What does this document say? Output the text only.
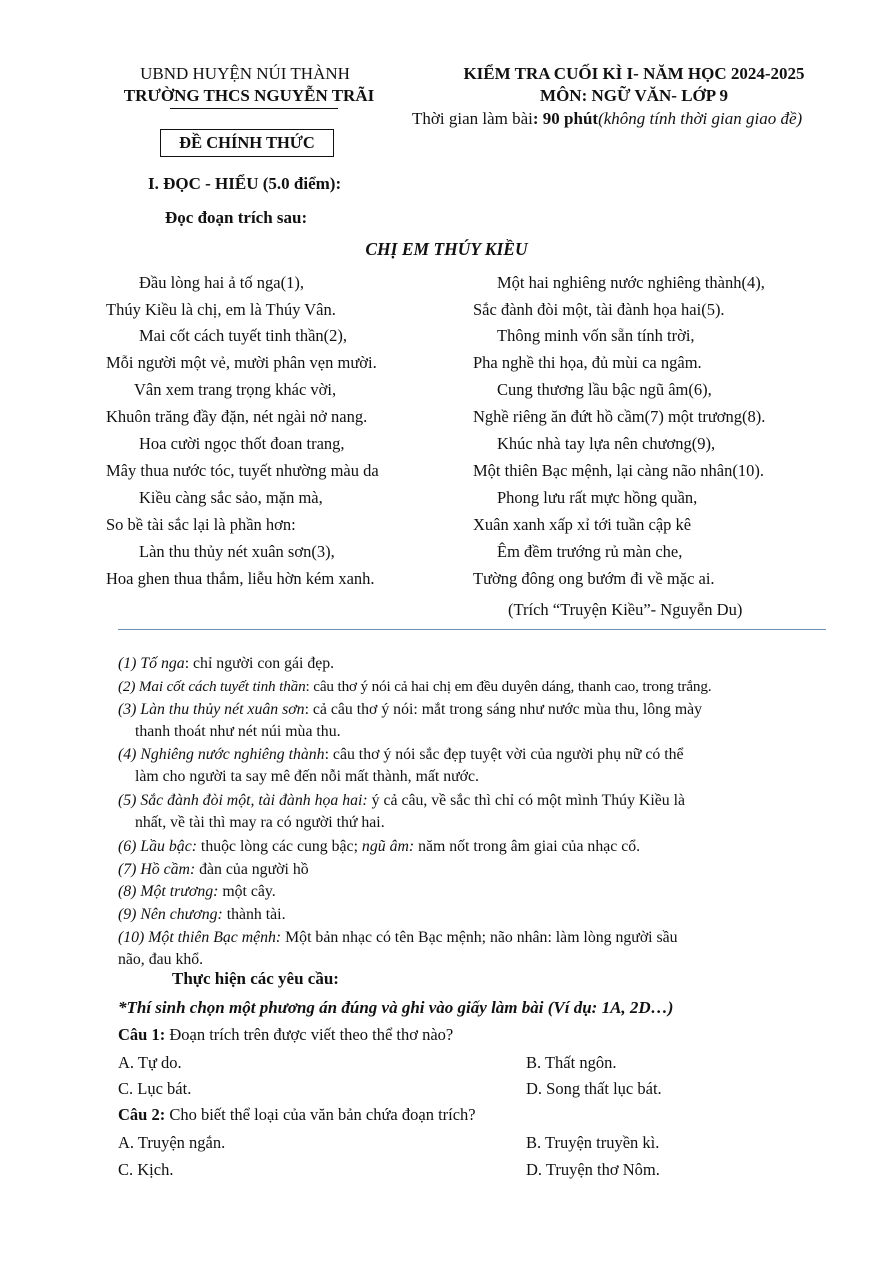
UBND HUYỆN NÚI THÀNH
TRƯỜNG THCS NGUYỄN TRÃI
KIỂM TRA CUỐI KÌ I- NĂM HỌC 2024-2025
MÔN: NGỮ VĂN- LỚP 9
Thời gian làm bài: 90 phút(không tính thời gian giao đề)
ĐỀ CHÍNH THỨC
I. ĐỌC - HIỂU (5.0 điểm):
Đọc đoạn trích sau:
CHỊ EM THÚY KIỀU
Đầu lòng hai ả tố nga(1),
Thúy Kiều là chị, em là Thúy Vân.
Mai cốt cách tuyết tinh thần(2),
Mỗi người một vẻ, mười phân vẹn mười.
Vân xem trang trọng khác vời,
Khuôn trăng đầy đặn, nét ngài nở nang.
Hoa cười ngọc thốt đoan trang,
Mây thua nước tóc, tuyết nhường màu da
Kiều càng sắc sảo, mặn mà,
So bề tài sắc lại là phần hơn:
Làn thu thủy nét xuân sơn(3),
Hoa ghen thua thắm, liễu hờn kém xanh.
Một hai nghiêng nước nghiêng thành(4),
Sắc đành đòi một, tài đành họa hai(5).
Thông minh vốn sẵn tính trời,
Pha nghề thi họa, đủ mùi ca ngâm.
Cung thương lầu bậc ngũ âm(6),
Nghề riêng ăn đứt hồ cầm(7) một trương(8).
Khúc nhà tay lựa nên chương(9),
Một thiên Bạc mệnh, lại càng não nhân(10).
Phong lưu rất mực hồng quần,
Xuân xanh xấp xỉ tới tuần cập kê
Êm đềm trướng rủ màn che,
Tường đông ong bướm đi về mặc ai.
(Trích “Truyện Kiều”- Nguyễn Du)
(1) Tố nga: chỉ người con gái đẹp.
(2) Mai cốt cách tuyết tinh thần: câu thơ ý nói cả hai chị em đều duyên dáng, thanh cao, trong trắng.
(3) Làn thu thủy nét xuân sơn: cả câu thơ ý nói: mắt trong sáng như nước mùa thu, lông mày
thanh thoát như nét núi mùa thu.
(4) Nghiêng nước nghiêng thành: câu thơ ý nói sắc đẹp tuyệt vời của người phụ nữ có thể
làm cho người ta say mê đến nỗi mất thành, mất nước.
(5) Sắc đành đòi một, tài đành họa hai: ý cả câu, về sắc thì chỉ có một mình Thúy Kiều là
nhất, về tài thì may ra có người thứ hai.
(6) Lầu bậc: thuộc lòng các cung bậc; ngũ âm: năm nốt trong âm giai của nhạc cổ.
(7) Hồ cầm: đàn của người hồ
(8) Một trương: một cây.
(9) Nên chương: thành tài.
(10) Một thiên Bạc mệnh: Một bản nhạc có tên Bạc mệnh; não nhân: làm lòng người sầu
não, đau khổ.
Thực hiện các yêu cầu:
*Thí sinh chọn một phương án đúng và ghi vào giấy làm bài (Ví dụ: 1A, 2D…)
Câu 1: Đoạn trích trên được viết theo thể thơ nào?
A. Tự do.	B. Thất ngôn.
C. Lục bát.	D. Song thất lục bát.
Câu 2: Cho biết thể loại của văn bản chứa đoạn trích?
A. Truyện ngắn.	B. Truyện truyền kì.
C. Kịch.	D. Truyện thơ Nôm.
